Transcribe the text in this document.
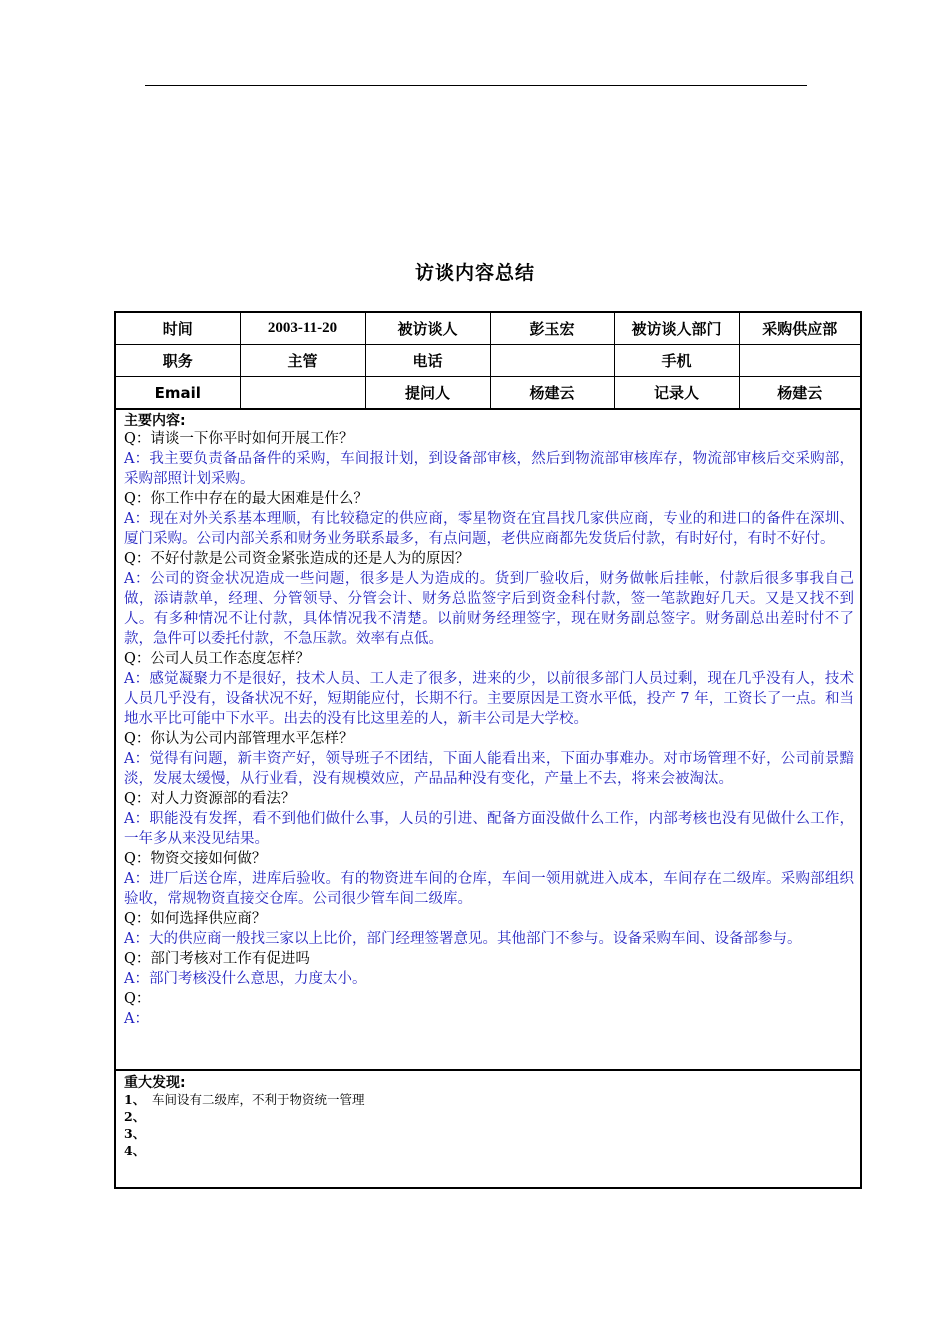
访谈内容总结
时间	2003-11-20	被访谈人	彭玉宏	被访谈人部门	采购供应部
职务	主管	电话		手机	
Email		提问人	杨建云	记录人	杨建云
主要内容:

Q：请谈一下你平时如何开展工作？

A：我主要负责备品备件的采购，车间报计划，到设备部审核，然后到物流部审核库存，物流部审核后交采购部，采购部照计划采购。

Q：你工作中存在的最大困难是什么？

A：现在对外关系基本理顺，有比较稳定的供应商，零星物资在宜昌找几家供应商，专业的和进口的备件在深圳、厦门采购。公司内部关系和财务业务联系最多，有点问题，老供应商都先发货后付款，有时好付，有时不好付。

Q：不好付款是公司资金紧张造成的还是人为的原因？

A：公司的资金状况造成一些问题，很多是人为造成的。货到厂验收后，财务做帐后挂帐，付款后很多事我自己做，添请款单，经理、分管领导、分管会计、财务总监签字后到资金科付款，签一笔款跑好几天。又是又找不到人。有多种情况不让付款，具体情况我不清楚。以前财务经理签字，现在财务副总签字。财务副总出差时付不了款，急件可以委托付款，不急压款。效率有点低。

Q：公司人员工作态度怎样？

A：感觉凝聚力不是很好，技术人员、工人走了很多，进来的少，以前很多部门人员过剩，现在几乎没有人，技术人员几乎没有，设备状况不好，短期能应付，长期不行。主要原因是工资水平低，投产 7 年，工资长了一点。和当地水平比可能中下水平。出去的没有比这里差的人，新丰公司是大学校。

Q：你认为公司内部管理水平怎样？

A：觉得有问题，新丰资产好，领导班子不团结，下面人能看出来，下面办事难办。对市场管理不好，公司前景黯淡，发展太缓慢，从行业看，没有规模效应，产品品种没有变化，产量上不去，将来会被淘汰。

Q：对人力资源部的看法？

A：职能没有发挥，看不到他们做什么事，人员的引进、配备方面没做什么工作，内部考核也没有见做什么工作，一年多从来没见结果。

Q：物资交接如何做？

A：进厂后送仓库，进库后验收。有的物资进车间的仓库，车间一领用就进入成本，车间存在二级库。采购部组织验收，常规物资直接交仓库。公司很少管车间二级库。

Q：如何选择供应商？

A：大的供应商一般找三家以上比价，部门经理签署意见。其他部门不参与。设备采购车间、设备部参与。

Q：部门考核对工作有促进吗

A：部门考核没什么意思，力度太小。

Q：

A：

重大发现:
1、 车间设有二级库，不利于物资统一管理
2、
3、
4、
